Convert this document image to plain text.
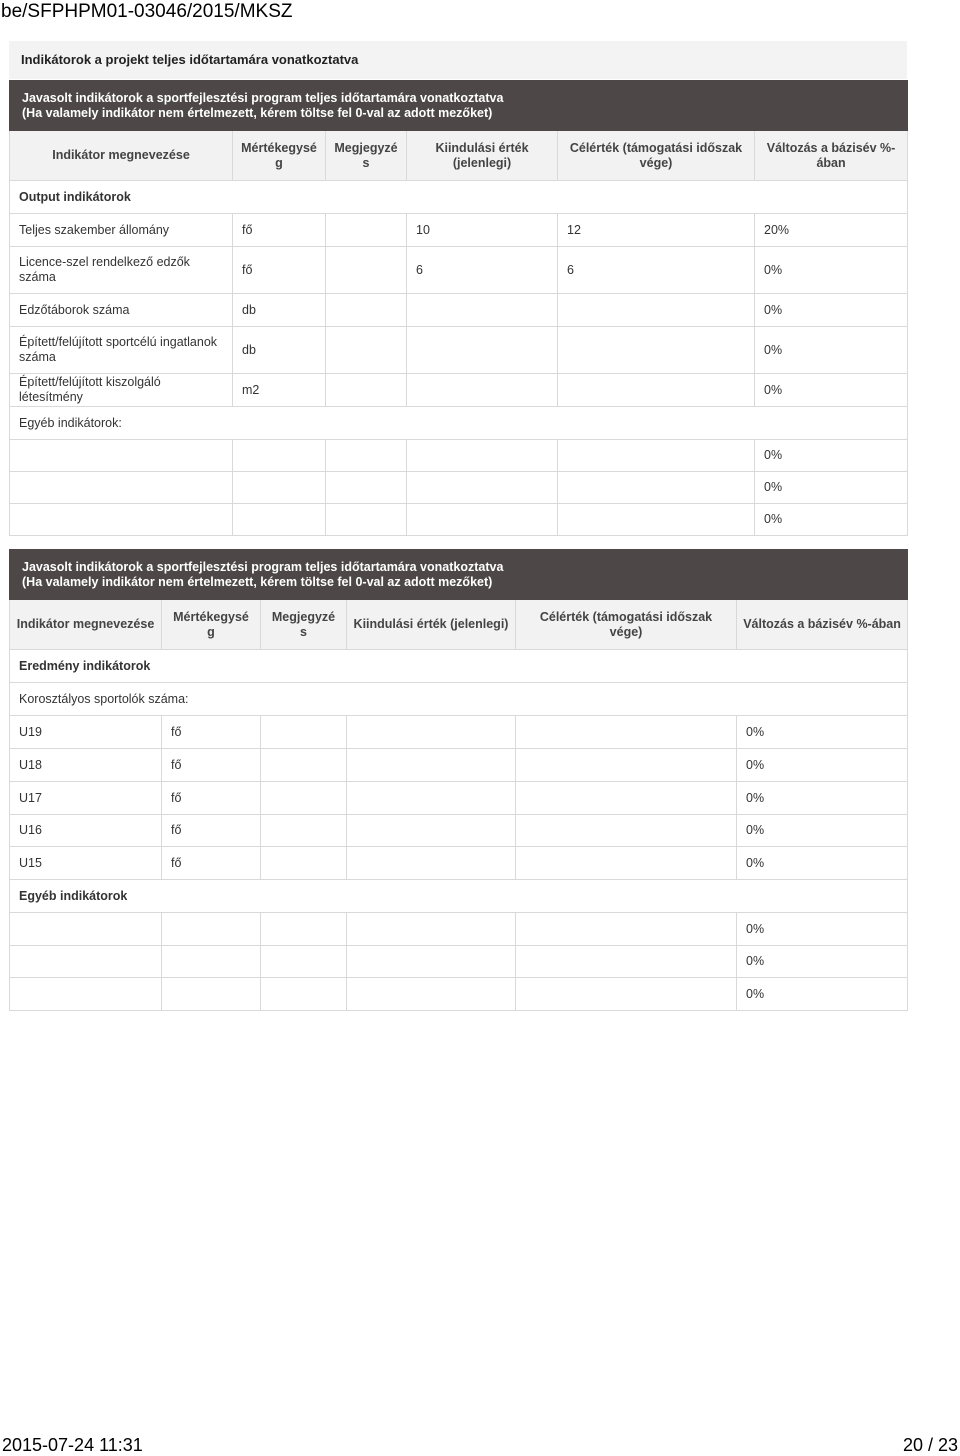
be/SFPHPM01-03046/2015/MKSZ
Indikátorok a projekt teljes időtartamára vonatkoztatva
Javasolt indikátorok a sportfejlesztési program teljes időtartamára vonatkoztatva
(Ha valamely indikátor nem értelmezett, kérem töltse fel 0-val az adott mezőket)					

Indikátor megnevezése	Mértékegysé g	Megjegyzé s	Kiindulási érték (jelenlegi)	Célérték (támogatási időszak vége)	Változás a bázisév %-ában
Output indikátorok					
Teljes szakember állomány	fő		10	12	20%
Licence-szel rendelkező edzők száma	fő		6	6	0%
Edzőtáborok száma	db				0%
Épített/felújított sportcélú ingatlanok száma	db				0%
Épített/felújított kiszolgáló létesítmény	m2				0%
Egyéb indikátorok:					
					0%
					0%
					0%
Javasolt indikátorok a sportfejlesztési program teljes időtartamára vonatkoztatva
(Ha valamely indikátor nem értelmezett, kérem töltse fel 0-val az adott mezőket)					

Indikátor megnevezése	Mértékegysé g	Megjegyzé s	Kiindulási érték (jelenlegi)	Célérték (támogatási időszak vége)	Változás a bázisév %-ában
Eredmény indikátorok					
Korosztályos sportolók száma:					
U19	fő				0%
U18	fő				0%
U17	fő				0%
U16	fő				0%
U15	fő				0%
Egyéb indikátorok					
					0%
					0%
					0%
2015-07-24 11:31	20 / 23
